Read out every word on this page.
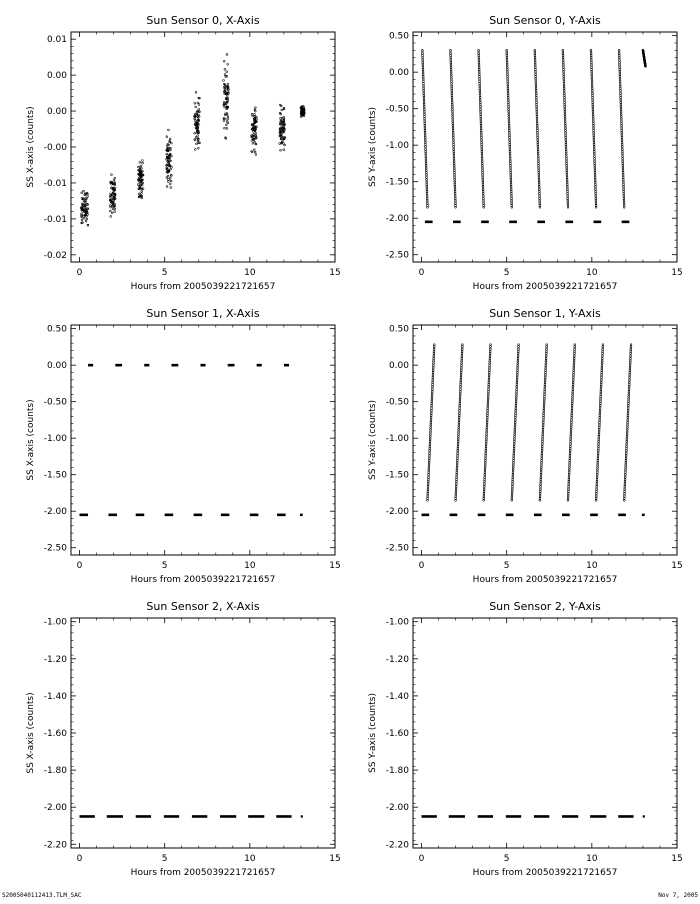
Sun Sensor 0, X-Axis
Hours from 2005039221721657
SS X-axis (counts)
0	5	10	15
-0.02
-0.01
-0.01
-0.00
0.00
0.00
0.01
Sun Sensor 0, Y-Axis
Hours from 2005039221721657
SS Y-axis (counts)
0	5	10	15
-2.50
-2.00
-1.50
-1.00
-0.50
0.00
0.50
Sun Sensor 1, X-Axis
Hours from 2005039221721657
SS X-axis (counts)
0	5	10	15
-2.50
-2.00
-1.50
-1.00
-0.50
0.00
0.50
Sun Sensor 1, Y-Axis
Hours from 2005039221721657
SS Y-axis (counts)
0	5	10	15
-2.50
-2.00
-1.50
-1.00
-0.50
0.00
0.50
Sun Sensor 2, X-Axis
Hours from 2005039221721657
SS X-axis (counts)
0	5	10	15
-2.20
-2.00
-1.80
-1.60
-1.40
-1.20
-1.00
Sun Sensor 2, Y-Axis
Hours from 2005039221721657
SS Y-axis (counts)
0	5	10	15
-2.20
-2.00
-1.80
-1.60
-1.40
-1.20
-1.00
S2005040112413.TLM_SAC	Nov 7, 2005
